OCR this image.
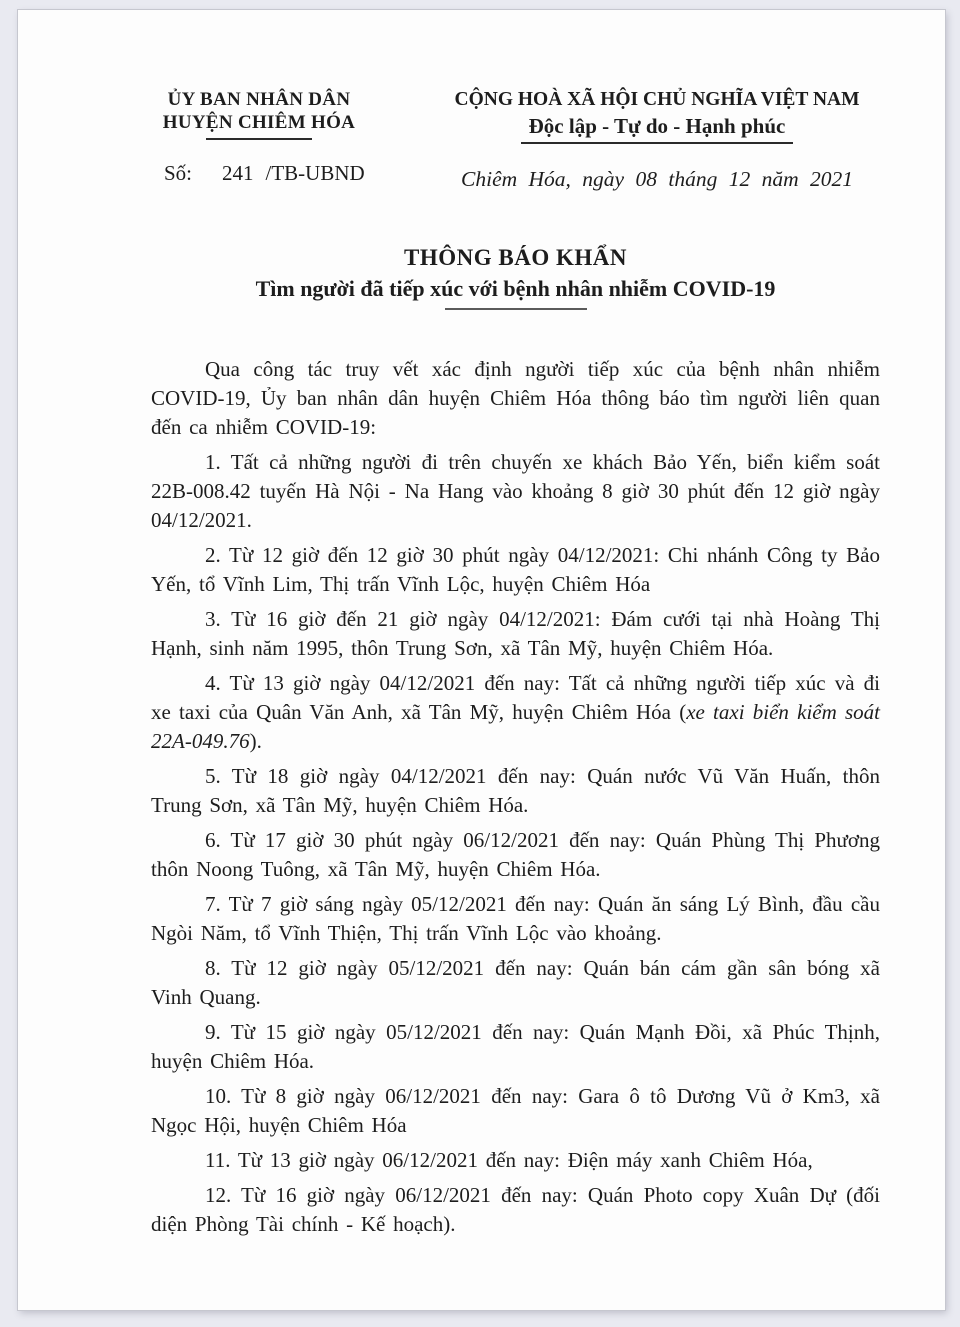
ỦY BAN NHÂN DÂN
HUYỆN CHIÊM HÓA
Số: 241 /TB-UBND
CỘNG HOÀ XÃ HỘI CHỦ NGHĨA VIỆT NAM
Độc lập - Tự do - Hạnh phúc
Chiêm Hóa, ngày 08 tháng 12 năm 2021
THÔNG BÁO KHẨN
Tìm người đã tiếp xúc với bệnh nhân nhiễm COVID-19

Qua công tác truy vết xác định người tiếp xúc của bệnh nhân nhiễm COVID-19, Ủy ban nhân dân huyện Chiêm Hóa thông báo tìm người liên quan đến ca nhiễm COVID-19:

1. Tất cả những người đi trên chuyến xe khách Bảo Yến, biển kiểm soát 22B-008.42 tuyến Hà Nội - Na Hang vào khoảng 8 giờ 30 phút đến 12 giờ ngày 04/12/2021.

2. Từ 12 giờ đến 12 giờ 30 phút ngày 04/12/2021: Chi nhánh Công ty Bảo Yến, tổ Vĩnh Lim, Thị trấn Vĩnh Lộc, huyện Chiêm Hóa

3. Từ 16 giờ đến 21 giờ ngày 04/12/2021: Đám cưới tại nhà Hoàng Thị Hạnh, sinh năm 1995, thôn Trung Sơn, xã Tân Mỹ, huyện Chiêm Hóa.

4. Từ 13 giờ ngày 04/12/2021 đến nay: Tất cả những người tiếp xúc và đi xe taxi của Quân Văn Anh, xã Tân Mỹ, huyện Chiêm Hóa (xe taxi biển kiểm soát 22A-049.76).

5. Từ 18 giờ ngày 04/12/2021 đến nay: Quán nước Vũ Văn Huấn, thôn Trung Sơn, xã Tân Mỹ, huyện Chiêm Hóa.

6. Từ 17 giờ 30 phút ngày 06/12/2021 đến nay: Quán Phùng Thị Phương thôn Noong Tuông, xã Tân Mỹ, huyện Chiêm Hóa.

7. Từ 7 giờ sáng ngày 05/12/2021 đến nay: Quán ăn sáng Lý Bình, đầu cầu Ngòi Năm, tổ Vĩnh Thiện, Thị trấn Vĩnh Lộc vào khoảng.

8. Từ 12 giờ ngày 05/12/2021 đến nay: Quán bán cám gần sân bóng xã Vinh Quang.

9. Từ 15 giờ ngày 05/12/2021 đến nay: Quán Mạnh Đồi, xã Phúc Thịnh, huyện Chiêm Hóa.

10. Từ 8 giờ ngày 06/12/2021 đến nay: Gara ô tô Dương Vũ ở Km3, xã Ngọc Hội, huyện Chiêm Hóa

11. Từ 13 giờ ngày 06/12/2021 đến nay: Điện máy xanh Chiêm Hóa,

12. Từ 16 giờ ngày 06/12/2021 đến nay: Quán Photo copy Xuân Dự (đối diện Phòng Tài chính - Kế hoạch).
